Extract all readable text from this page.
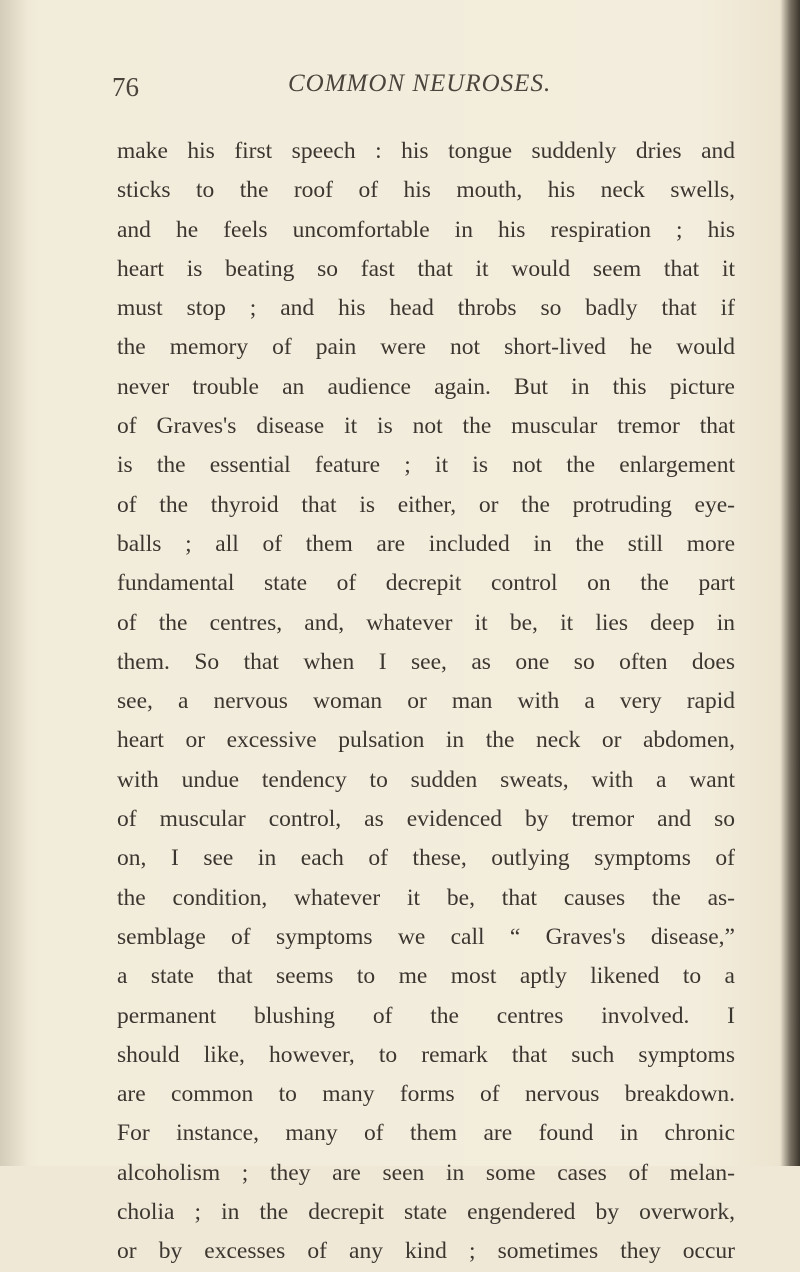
76	COMMON NEUROSES.
make his first speech : his tongue suddenly dries and
sticks to the roof of his mouth, his neck swells,
and he feels uncomfortable in his respiration ; his
heart is beating so fast that it would seem that it
must stop ; and his head throbs so badly that if
the memory of pain were not short-lived he would
never trouble an audience again. But in this picture
of Graves's disease it is not the muscular tremor that
is the essential feature ; it is not the enlargement
of the thyroid that is either, or the protruding eye-
balls ; all of them are included in the still more
fundamental state of decrepit control on the part
of the centres, and, whatever it be, it lies deep in
them. So that when I see, as one so often does
see, a nervous woman or man with a very rapid
heart or excessive pulsation in the neck or abdomen,
with undue tendency to sudden sweats, with a want
of muscular control, as evidenced by tremor and so
on, I see in each of these, outlying symptoms of
the condition, whatever it be, that causes the as-
semblage of symptoms we call “ Graves's disease,”
a state that seems to me most aptly likened to a
permanent blushing of the centres involved. I
should like, however, to remark that such symptoms
are common to many forms of nervous breakdown.
For instance, many of them are found in chronic
alcoholism ; they are seen in some cases of melan-
cholia ; in the decrepit state engendered by overwork,
or by excesses of any kind ; sometimes they occur
